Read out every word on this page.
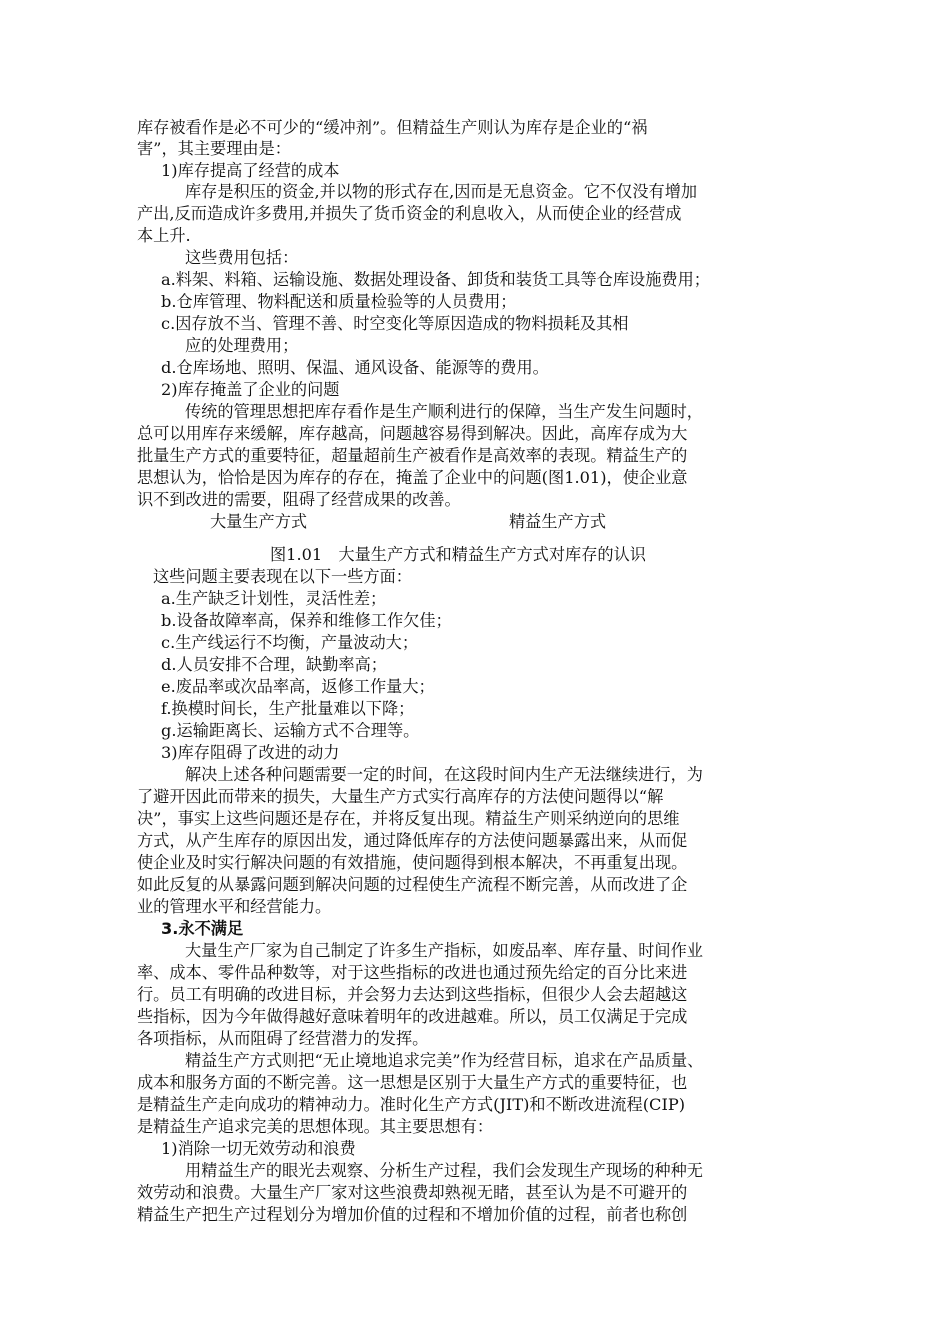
库存被看作是必不可少的“缓冲剂”。但精益生产则认为库存是企业的“祸
害”，其主要理由是：
1)库存提高了经营的成本
库存是积压的资金,并以物的形式存在,因而是无息资金。它不仅没有增加
产出,反而造成许多费用,并损失了货币资金的利息收入，从而使企业的经营成
本上升.
这些费用包括：
a.料架、料箱、运输设施、数据处理设备、卸货和装货工具等仓库设施费用；
b.仓库管理、物料配送和质量检验等的人员费用；
c.因存放不当、管理不善、时空变化等原因造成的物料损耗及其相
应的处理费用；
d.仓库场地、照明、保温、通风设备、能源等的费用。
2)库存掩盖了企业的问题
传统的管理思想把库存看作是生产顺利进行的保障，当生产发生问题时，
总可以用库存来缓解，库存越高，问题越容易得到解决。因此，高库存成为大
批量生产方式的重要特征，超量超前生产被看作是高效率的表现。精益生产的
思想认为，恰恰是因为库存的存在，掩盖了企业中的问题(图1.01)，使企业意
识不到改进的需要，阻碍了经营成果的改善。
大量生产方式	精益生产方式
图1.01　大量生产方式和精益生产方式对库存的认识
这些问题主要表现在以下一些方面：
a.生产缺乏计划性，灵活性差；
b.设备故障率高，保养和维修工作欠佳；
c.生产线运行不均衡，产量波动大；
d.人员安排不合理，缺勤率高；
e.废品率或次品率高，返修工作量大；
f.换模时间长，生产批量难以下降；
g.运输距离长、运输方式不合理等。
3)库存阻碍了改进的动力
解决上述各种问题需要一定的时间，在这段时间内生产无法继续进行，为
了避开因此而带来的损失，大量生产方式实行高库存的方法使问题得以“解
决”，事实上这些问题还是存在，并将反复出现。精益生产则采纳逆向的思维
方式，从产生库存的原因出发，通过降低库存的方法使问题暴露出来，从而促
使企业及时实行解决问题的有效措施，使问题得到根本解决，不再重复出现。
如此反复的从暴露问题到解决问题的过程使生产流程不断完善，从而改进了企
业的管理水平和经营能力。
3.永不满足
大量生产厂家为自己制定了许多生产指标，如废品率、库存量、时间作业
率、成本、零件品种数等，对于这些指标的改进也通过预先给定的百分比来进
行。员工有明确的改进目标，并会努力去达到这些指标，但很少人会去超越这
些指标，因为今年做得越好意味着明年的改进越难。所以，员工仅满足于完成
各项指标，从而阻碍了经营潜力的发挥。
精益生产方式则把“无止境地追求完美”作为经营目标，追求在产品质量、
成本和服务方面的不断完善。这一思想是区别于大量生产方式的重要特征，也
是精益生产走向成功的精神动力。准时化生产方式(JIT)和不断改进流程(CIP)
是精益生产追求完美的思想体现。其主要思想有：
1)消除一切无效劳动和浪费
用精益生产的眼光去观察、分析生产过程，我们会发现生产现场的种种无
效劳动和浪费。大量生产厂家对这些浪费却熟视无睹，甚至认为是不可避开的
精益生产把生产过程划分为增加价值的过程和不增加价值的过程，前者也称创
